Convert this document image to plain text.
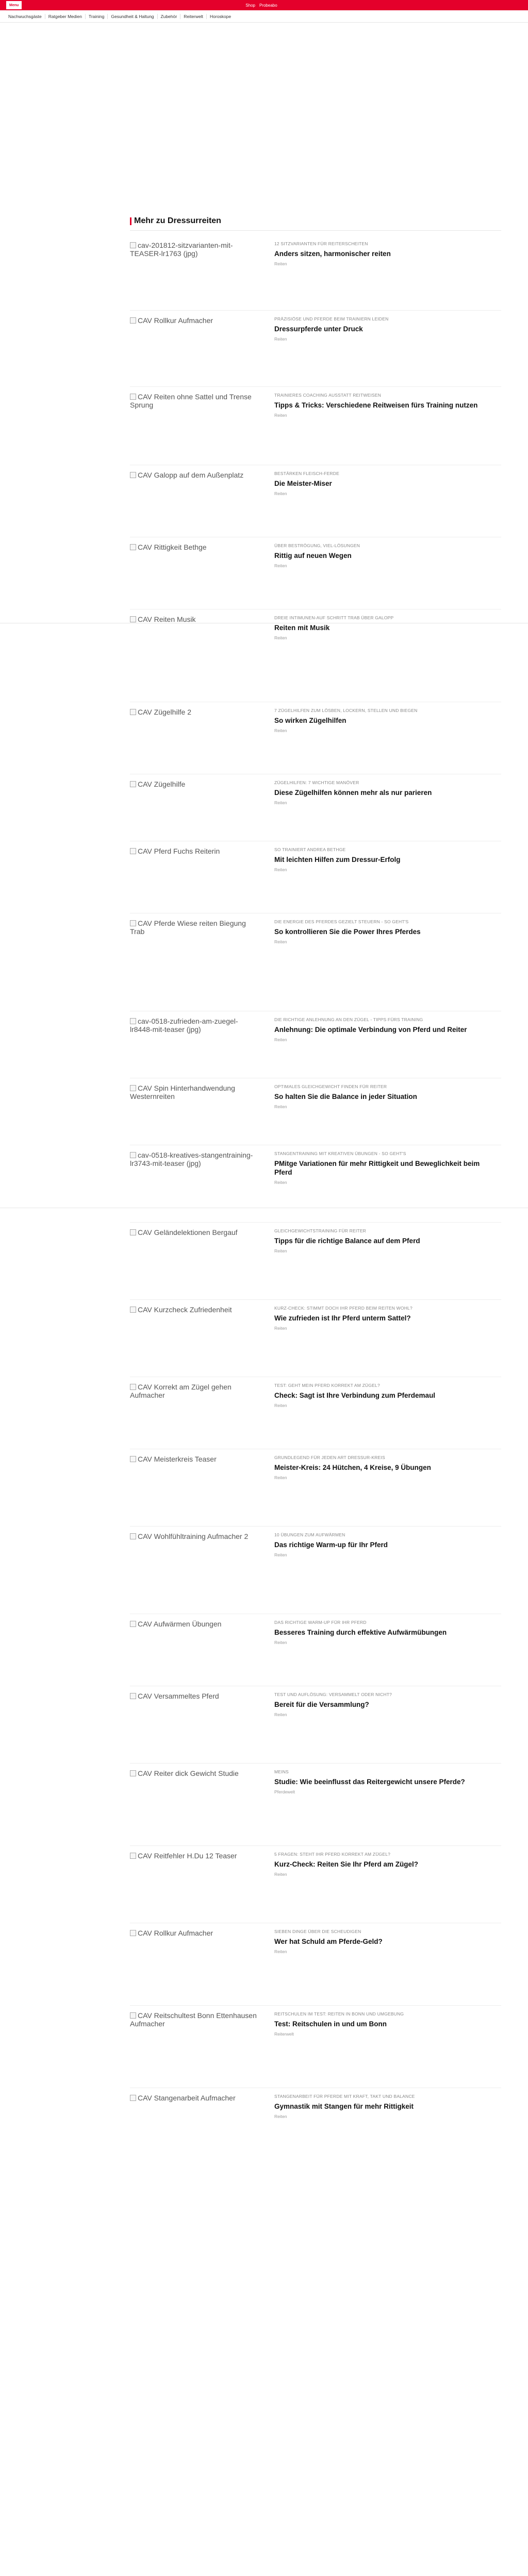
Menu	Shop Probeabo
Nachwuchsgäste	Ratgeber Medien	Training	Gesundheit & Haltung	Zubehör	Reiterwelt	Horoskope
Mehr zu Dressurreiten
cav-201812-sitzvarianten-mit-TEASER-lr1763 (jpg)
12 SITZVARIANTEN FÜR REITERSCHEITEN
Anders sitzen, harmonischer reiten
Reiten
CAV Rollkur Aufmacher	PRÄZISIÖSE UND PFERDE BEIM TRAINIERN LEIDEN
Dressurpferde unter Druck
Reiten
CAV Reiten ohne Sattel und Trense Sprung
TRAINIERES COACHING AUSSTATT REITWEISEN
Tipps & Tricks: Verschiedene Reitweisen fürs Training nutzen
Reiten
CAV Galopp auf dem Außenplatz	BESTÄRKEN FLEISCH-FERDE
Die Meister-Miser
Reiten
CAV Rittigkeit Bethge	ÜBER BESTRÖGUNG, VIEL-LÖSUNGEN
Rittig auf neuen Wegen
Reiten
CAV Reiten Musik	DREIE INTIMUNEN-AUF SCHRITT TRAB ÜBER GALOPP
Reiten mit Musik
Reiten
CAV Zügelhilfe 2	7 ZÜGELHILFEN ZUM LÖSBEN, LOCKERN, STELLEN UND BIEGEN
So wirken Zügelhilfen
Reiten
CAV Zügelhilfe	ZÜGELHILFEN: 7 WICHTIGE MANÖVER
Diese Zügelhilfen können mehr als nur parieren
Reiten
CAV Pferd Fuchs Reiterin	SO TRAINIERT ANDREA BETHGE
Mit leichten Hilfen zum Dressur-Erfolg
Reiten
CAV Pferde Wiese reiten Biegung Trab
DIE ENERGIE DES PFERDES GEZIELT STEUERN - SO GEHT'S
So kontrollieren Sie die Power Ihres Pferdes
Reiten
cav-0518-zufrieden-am-zuegel-lr8448-mit-teaser (jpg)
DIE RICHTIGE ANLEHNUNG AN DEN ZÜGEL - TIPPS FÜRS TRAINING
Anlehnung: Die optimale Verbindung von Pferd und Reiter
Reiten
CAV Spin Hinterhandwendung Westernreiten
OPTIMALES GLEICHGEWICHT FINDEN FÜR REITER
So halten Sie die Balance in jeder Situation
Reiten
cav-0518-kreatives-stangentraining-lr3743-mit-teaser (jpg)
STANGENTRAINING MIT KREATIVEN ÜBUNGEN - SO GEHT'S
PMitge Variationen für mehr Rittigkeit und Beweglichkeit beim Pferd
Reiten
CAV Geländelektionen Bergauf	GLEICHGEWICHTSTRAINING FÜR REITER
Tipps für die richtige Balance auf dem Pferd
Reiten
CAV Kurzcheck Zufriedenheit	KURZ-CHECK: STIMMT DOCH IHR PFERD BEIM REITEN WOHL?
Wie zufrieden ist Ihr Pferd unterm Sattel?
Reiten
CAV Korrekt am Zügel gehen Aufmacher
TEST: GEHT MEIN PFERD KORREKT AM ZÜGEL?
Check: Sagt ist Ihre Verbindung zum Pferdemaul
Reiten
CAV Meisterkreis Teaser	GRUNDLEGEND FÜR JEDEN ART DRESSUR-KREIS
Meister-Kreis: 24 Hütchen, 4 Kreise, 9 Übungen
Reiten
CAV Wohlfühltraining Aufmacher 2	10 ÜBUNGEN ZUM AUFWÄRMEN
Das richtige Warm-up für Ihr Pferd
Reiten
CAV Aufwärmen Übungen	DAS RICHTIGE WARM-UP FÜR IHR PFERD
Besseres Training durch effektive Aufwärmübungen
Reiten
CAV Versammeltes Pferd	TEST UND AUFLÖSUNG: VERSAMMELT ODER NICHT?
Bereit für die Versammlung?
Reiten
CAV Reiter dick Gewicht Studie	MEINS
Studie: Wie beeinflusst das Reitergewicht unsere Pferde?
Pferdewelt
CAV Reitfehler H.Du 12 Teaser	5 FRAGEN: STEHT IHR PFERD KORREKT AM ZÜGEL?
Kurz-Check: Reiten Sie Ihr Pferd am Zügel?
Reiten
CAV Rollkur Aufmacher	SIEBEN DINGE ÜBER DIE SCHEUDIGEN
Wer hat Schuld am Pferde-Geld?
Reiten
CAV Reitschultest Bonn Ettenhausen Aufmacher
REITSCHULEN IM TEST: REITEN IN BONN UND UMGEBUNG
Test: Reitschulen in und um Bonn
Reiterwelt
CAV Stangenarbeit Aufmacher	STANGENARBEIT FÜR PFERDE MIT KRAFT, TAKT UND BALANCE
Gymnastik mit Stangen für mehr Rittigkeit
Reiten
